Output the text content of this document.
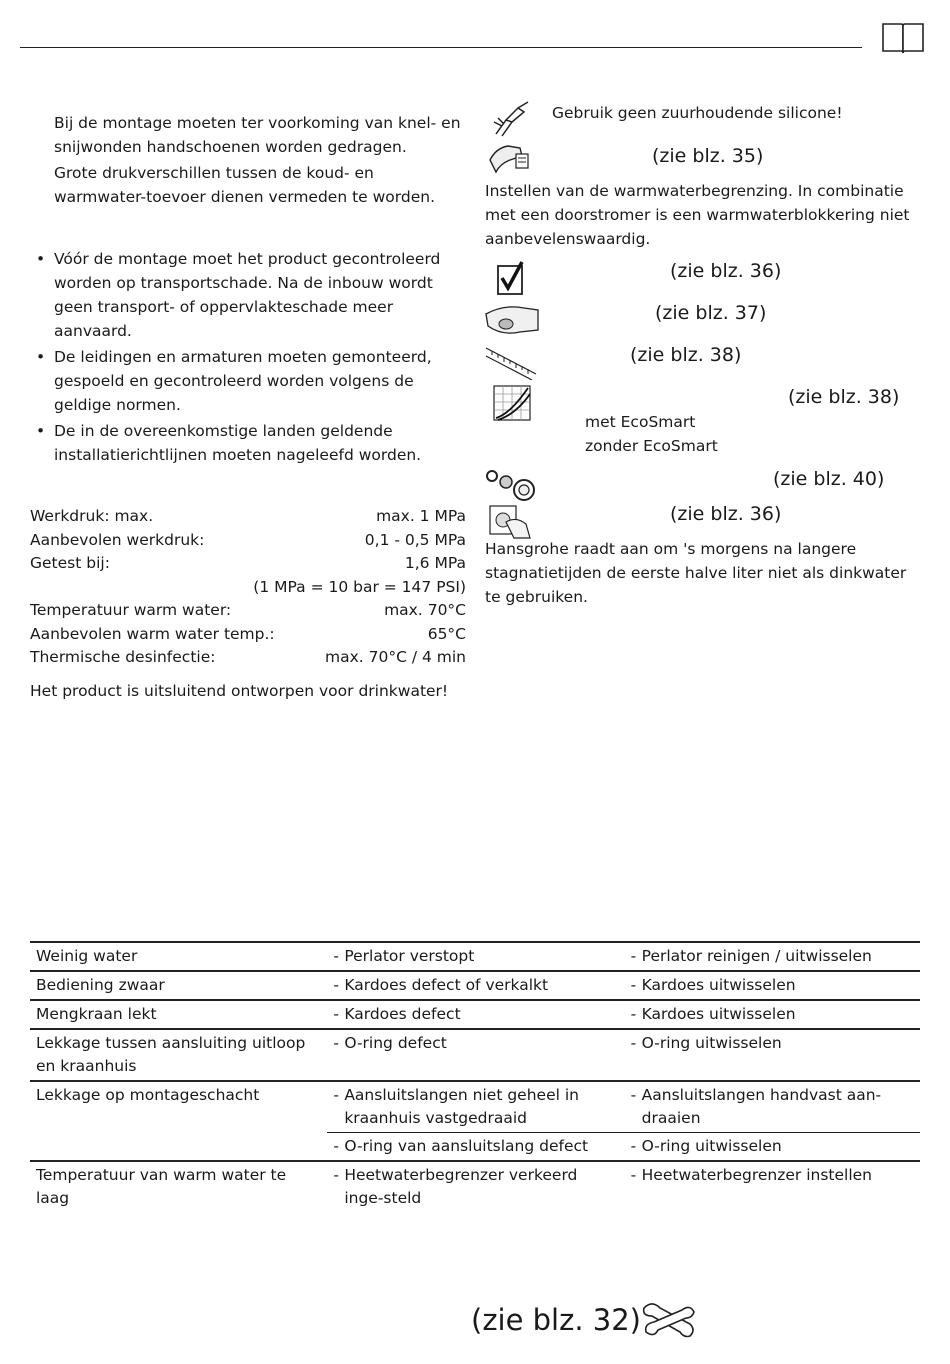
Bij de montage moeten ter voorkoming van knel- en snijwonden handschoenen worden gedragen.

Grote drukverschillen tussen de koud- en warmwater-toevoer dienen vermeden te worden.

• Vóór de montage moet het product gecontroleerd worden op transportschade. Na de inbouw wordt geen transport- of oppervlakteschade meer aanvaard.
• De leidingen en armaturen moeten gemonteerd, gespoeld en gecontroleerd worden volgens de geldige normen.
• De in de overeenkomstige landen geldende installatierichtlijnen moeten nageleefd worden.
Werkdruk: max.	max. 1 MPa
Aanbevolen werkdruk:	0,1 - 0,5 MPa
Getest bij:	1,6 MPa
(1 MPa = 10 bar = 147 PSI)
Temperatuur warm water:	max. 70°C
Aanbevolen warm water temp.:	65°C
Thermische desinfectie:	max. 70°C / 4 min
Het product is uitsluitend ontworpen voor drinkwater!
Gebruik geen zuurhoudende silicone!
(zie blz. 35)
Instellen van de warmwaterbegrenzing. In combinatie met een doorstromer is een warmwaterblokkering niet aanbevelenswaardig.
(zie blz. 36)
(zie blz. 37)
(zie blz. 38)
(zie blz. 38)
met EcoSmart
zonder EcoSmart
(zie blz. 40)
(zie blz. 36)
Hansgrohe raadt aan om 's morgens na langere stagnatietijden de eerste halve liter niet als dinkwater te gebruiken.
Weinig water	- Perlator verstopt	- Perlator reinigen / uitwisselen

Bediening zwaar	- Kardoes defect of verkalkt	- Kardoes uitwisselen

Mengkraan lekt	- Kardoes defect	- Kardoes uitwisselen

Lekkage tussen aansluiting uitloop en kraanhuis	- O-ring defect	- O-ring uitwisselen

Lekkage op montageschacht	- Aansluitslangen niet geheel in kraanhuis vastgedraaid	- Aansluitslangen handvast aan-draaien

	- O-ring van aansluitslang defect	- O-ring uitwisselen

Temperatuur van warm water te laag	- Heetwaterbegrenzer verkeerd inge-steld	- Heetwaterbegrenzer instellen
(zie blz. 32)
